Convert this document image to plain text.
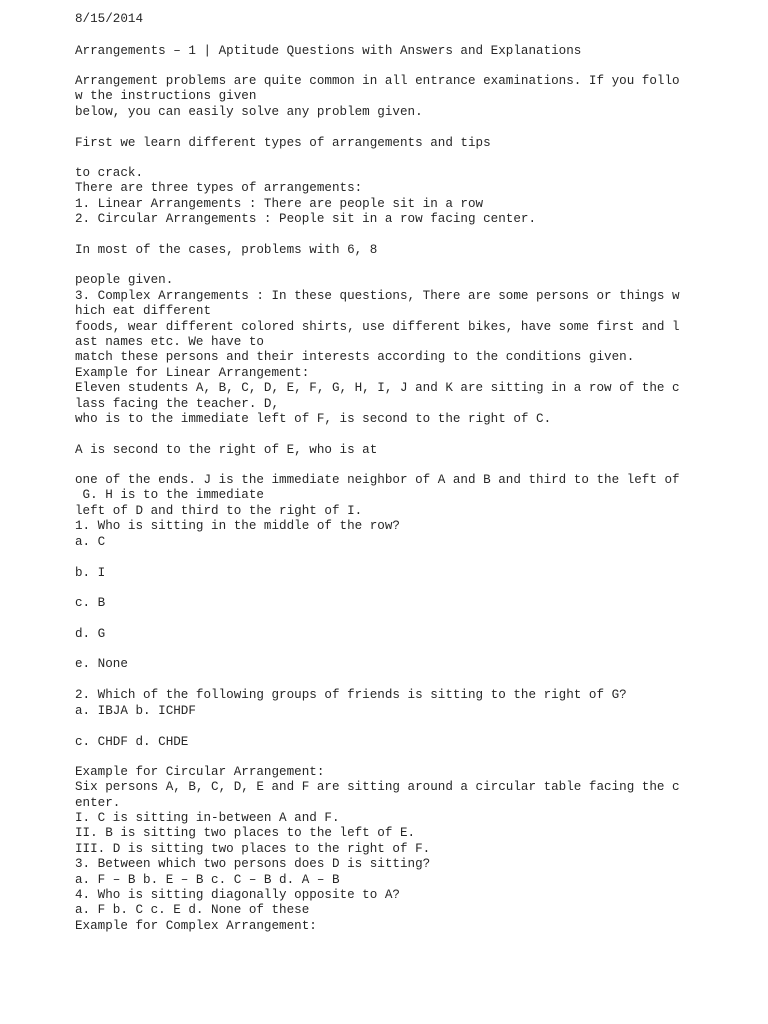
8/15/2014

Arrangements – 1 | Aptitude Questions with Answers and Explanations

Arrangement problems are quite common in all entrance examinations. If you follo

w the instructions given

below, you can easily solve any problem given.

First we learn different types of arrangements and tips

to crack.

There are three types of arrangements:

1. Linear Arrangements : There are people sit in a row

2. Circular Arrangements : People sit in a row facing center.

In most of the cases, problems with 6, 8

people given.

3. Complex Arrangements : In these questions, There are some persons or things w

hich eat different

foods, wear different colored shirts, use different bikes, have some first and l

ast names etc. We have to

match these persons and their interests according to the conditions given.

Example for Linear Arrangement:

Eleven students A, B, C, D, E, F, G, H, I, J and K are sitting in a row of the c

lass facing the teacher. D,

who is to the immediate left of F, is second to the right of C.

A is second to the right of E, who is at

one of the ends. J is the immediate neighbor of A and B and third to the left of

G. H is to the immediate

left of D and third to the right of I.

1. Who is sitting in the middle of the row?

a. C

b. I

c. B

d. G

e. None

2. Which of the following groups of friends is sitting to the right of G?

a. IBJA b. ICHDF

c. CHDF d. CHDE

Example for Circular Arrangement:

Six persons A, B, C, D, E and F are sitting around a circular table facing the c

enter.

I. C is sitting in-between A and F.

II. B is sitting two places to the left of E.

III. D is sitting two places to the right of F.

3. Between which two persons does D is sitting?

a. F – B b. E – B c. C – B d. A – B

4. Who is sitting diagonally opposite to A?

a. F b. C c. E d. None of these

Example for Complex Arrangement:
